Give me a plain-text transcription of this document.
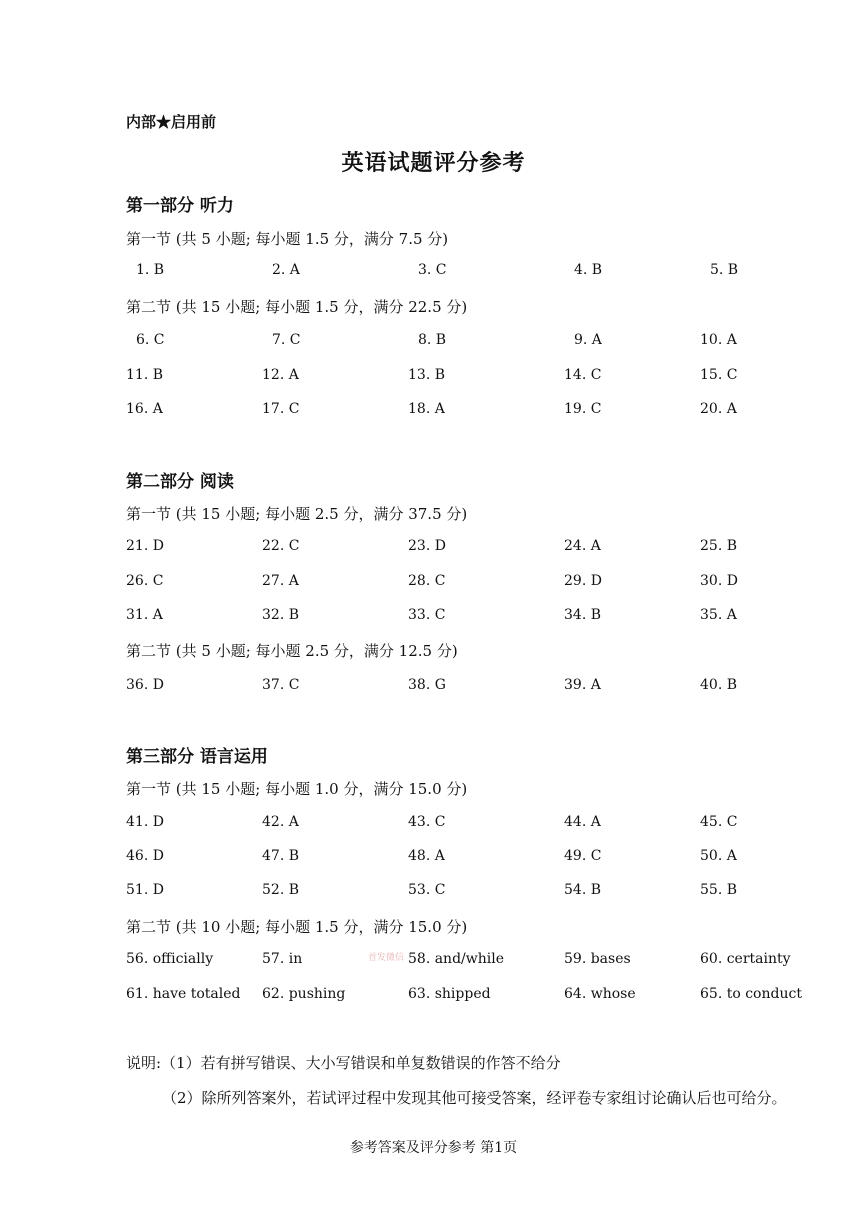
内部★启用前
英语试题评分参考
第一部分 听力
第一节 (共 5 小题; 每小题 1.5 分，满分 7.5 分)
1. B	2. A	3. C	4. B	5. B
第二节 (共 15 小题; 每小题 1.5 分，满分 22.5 分)
6. C	7. C	8. B	9. A	10. A
11. B	12. A	13. B	14. C	15. C
16. A	17. C	18. A	19. C	20. A
第二部分 阅读
第一节 (共 15 小题; 每小题 2.5 分，满分 37.5 分)
21. D	22. C	23. D	24. A	25. B
26. C	27. A	28. C	29. D	30. D
31. A	32. B	33. C	34. B	35. A
第二节 (共 5 小题; 每小题 2.5 分，满分 12.5 分)
36. D	37. C	38. G	39. A	40. B
第三部分 语言运用
第一节 (共 15 小题; 每小题 1.0 分，满分 15.0 分)
41. D	42. A	43. C	44. A	45. C
46. D	47. B	48. A	49. C	50. A
51. D	52. B	53. C	54. B	55. B
第二节 (共 10 小题; 每小题 1.5 分，满分 15.0 分)
56. officially	57. in	58. and/while	59. bases	60. certainty
61. have totaled 62. pushing	63. shipped	64. whose	65. to conduct
首发微信
说明:（1）若有拼写错误、大小写错误和单复数错误的作答不给分
（2）除所列答案外，若试评过程中发现其他可接受答案，经评卷专家组讨论确认后也可给分。
参考答案及评分参考 第1页
